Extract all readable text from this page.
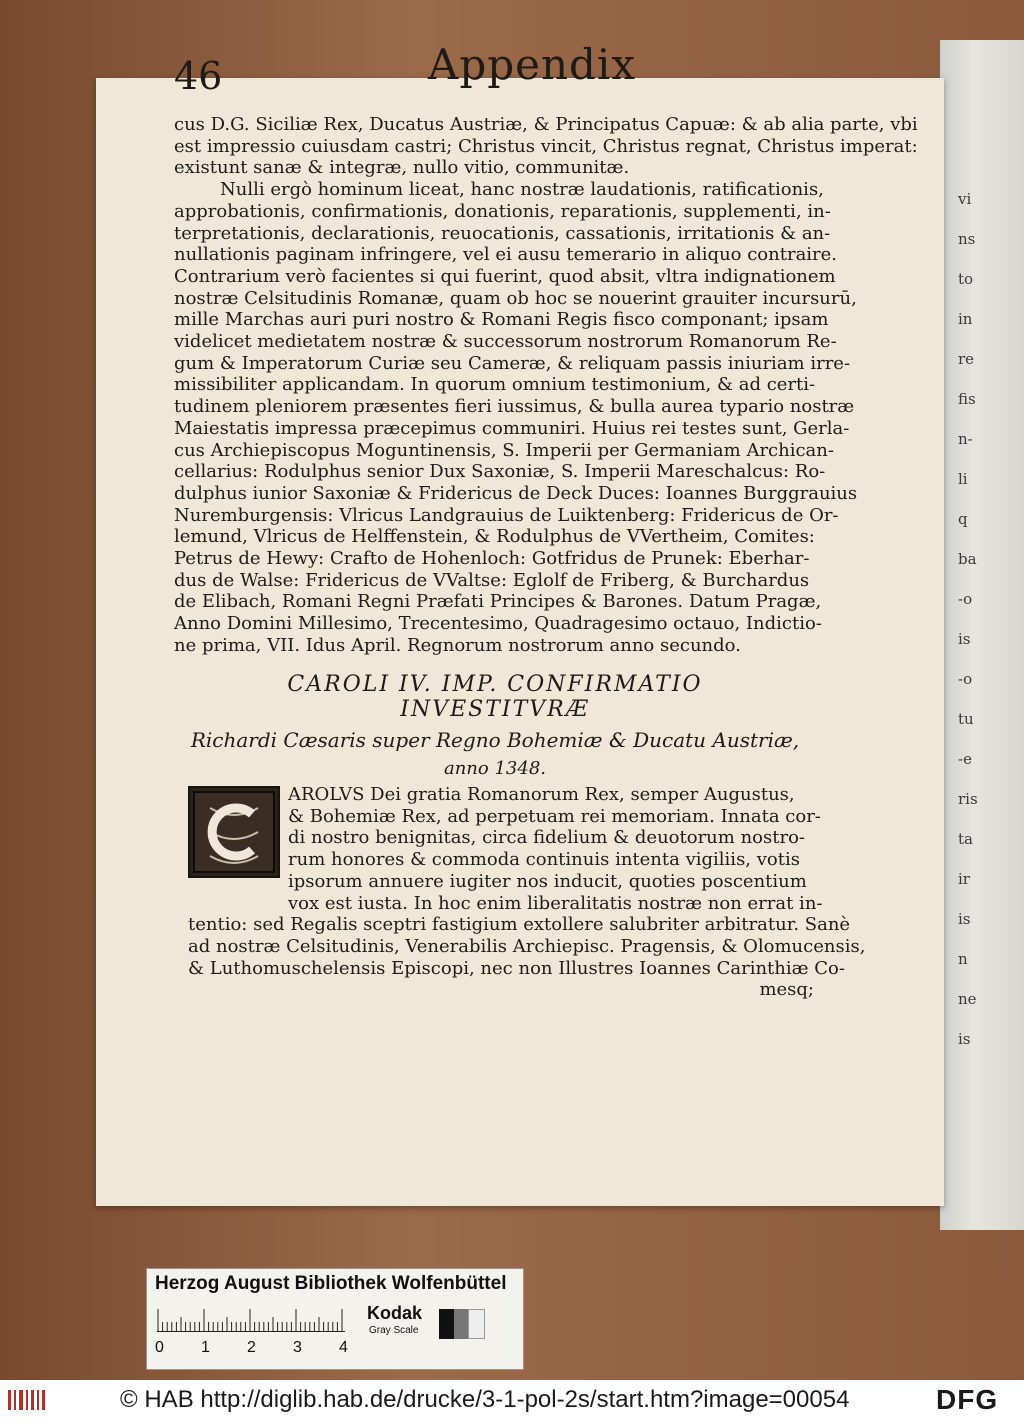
vi
ns
to
in
re
fis
n-
li
q
ba
-o
is
-o
tu
-e
ris
ta
ir
is
n
ne
is
46	Appendix
cus D.G. Siciliæ Rex, Ducatus Austriæ, & Principatus Capuæ: & ab alia parte, vbi
est impressio cuiusdam castri; Christus vincit, Christus regnat, Christus imperat:
existunt sanæ & integræ, nullo vitio, communitæ.
Nulli ergò hominum liceat, hanc nostræ laudationis, ratificationis,
approbationis, confirmationis, donationis, reparationis, supplementi, in-
terpretationis, declarationis, reuocationis, cassationis, irritationis & an-
nullationis paginam infringere, vel ei ausu temerario in aliquo contraire.
Contrarium verò facientes si qui fuerint, quod absit, vltra indignationem
nostræ Celsitudinis Romanæ, quam ob hoc se nouerint grauiter incursurū,
mille Marchas auri puri nostro & Romani Regis fisco componant; ipsam
videlicet medietatem nostræ & successorum nostrorum Romanorum Re-
gum & Imperatorum Curiæ seu Cameræ, & reliquam passis iniuriam irre-
missibiliter applicandam. In quorum omnium testimonium, & ad certi-
tudinem pleniorem præsentes fieri iussimus, & bulla aurea typario nostræ
Maiestatis impressa præcepimus communiri. Huius rei testes sunt, Gerla-
cus Archiepiscopus Moguntinensis, S. Imperii per Germaniam Archican-
cellarius: Rodulphus senior Dux Saxoniæ, S. Imperii Mareschalcus: Ro-
dulphus iunior Saxoniæ & Fridericus de Deck Duces: Ioannes Burggrauius
Nuremburgensis: Vlricus Landgrauius de Luiktenberg: Fridericus de Or-
lemund, Vlricus de Helffenstein, & Rodulphus de VVertheim, Comites:
Petrus de Hewy: Crafto de Hohenloch: Gotfridus de Prunek: Eberhar-
dus de Walse: Fridericus de VValtse: Eglolf de Friberg, & Burchardus
de Elibach, Romani Regni Præfati Principes & Barones. Datum Pragæ,
Anno Domini Millesimo, Trecentesimo, Quadragesimo octauo, Indictio-
ne prima, VII. Idus April. Regnorum nostrorum anno secundo.
CAROLI IV. IMP. CONFIRMATIO INVESTITVRÆ
Richardi Cæsaris super Regno Bohemiæ & Ducatu Austriæ,
anno 1348.
AROLVS Dei gratia Romanorum Rex, semper Augustus,
& Bohemiæ Rex, ad perpetuam rei memoriam. Innata cor-
di nostro benignitas, circa fidelium & deuotorum nostro-
rum honores & commoda continuis intenta vigiliis, votis
ipsorum annuere iugiter nos inducit, quoties poscentium
vox est iusta. In hoc enim liberalitatis nostræ non errat in-
tentio: sed Regalis sceptri fastigium extollere salubriter arbitratur. Sanè
ad nostræ Celsitudinis, Venerabilis Archiepisc. Pragensis, & Olomucensis,
& Luthomuschelensis Episcopi, nec non Illustres Ioannes Carinthiæ Co-
mesq;
Herzog August Bibliothek Wolfenbüttel
0 1 2 3 4
Kodak
Gray Scale
© HAB http://diglib.hab.de/drucke/3-1-pol-2s/start.htm?image=00054	DFG
